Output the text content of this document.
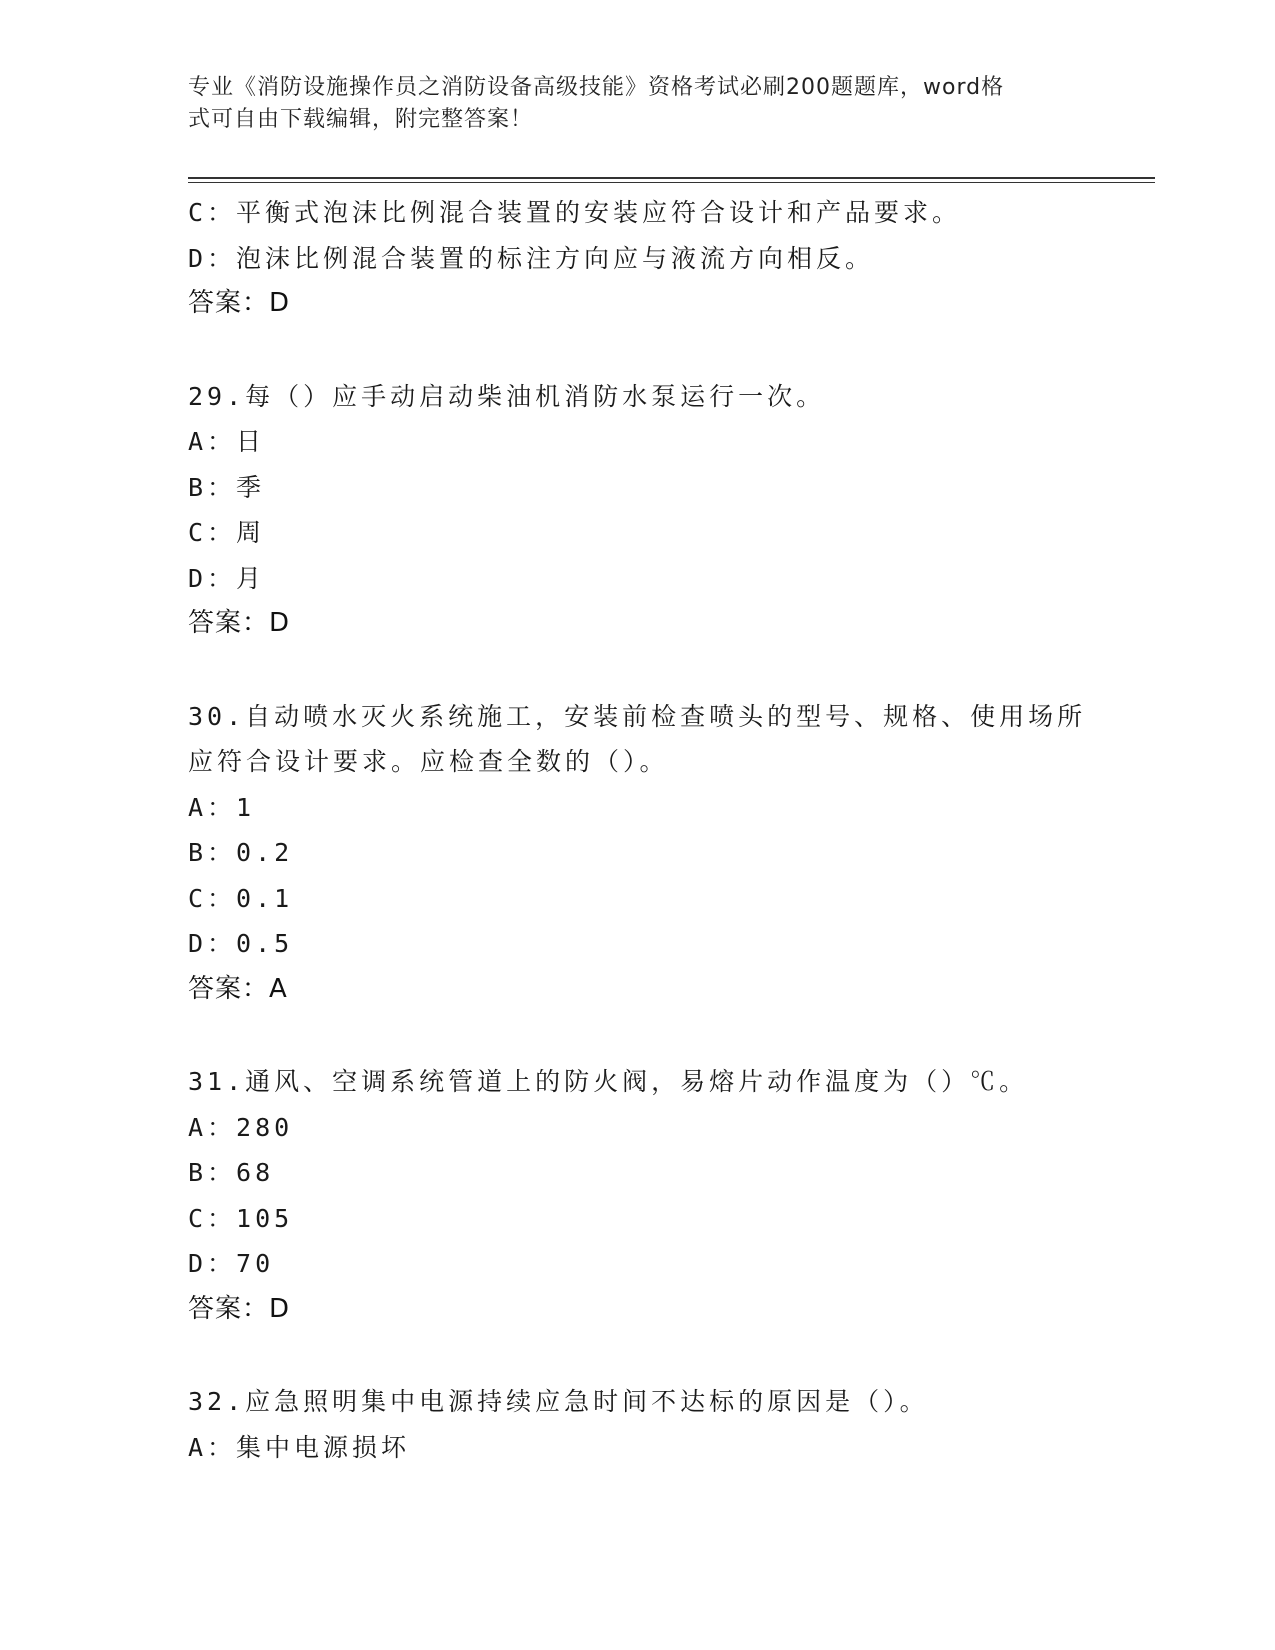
专业《消防设施操作员之消防设备高级技能》资格考试必刷200题题库，word格
式可自由下载编辑，附完整答案！
C：平衡式泡沫比例混合装置的安装应符合设计和产品要求。
D：泡沫比例混合装置的标注方向应与液流方向相反。
答案：D
29.每（）应手动启动柴油机消防水泵运行一次。
A：日
B：季
C：周
D：月
答案：D
30.自动喷水灭火系统施工，安装前检查喷头的型号、规格、使用场所
应符合设计要求。应检查全数的（）。
A：1
B：0.2
C：0.1
D：0.5
答案：A
31.通风、空调系统管道上的防火阀，易熔片动作温度为（）℃。
A：280
B：68
C：105
D：70
答案：D
32.应急照明集中电源持续应急时间不达标的原因是（）。
A：集中电源损坏
